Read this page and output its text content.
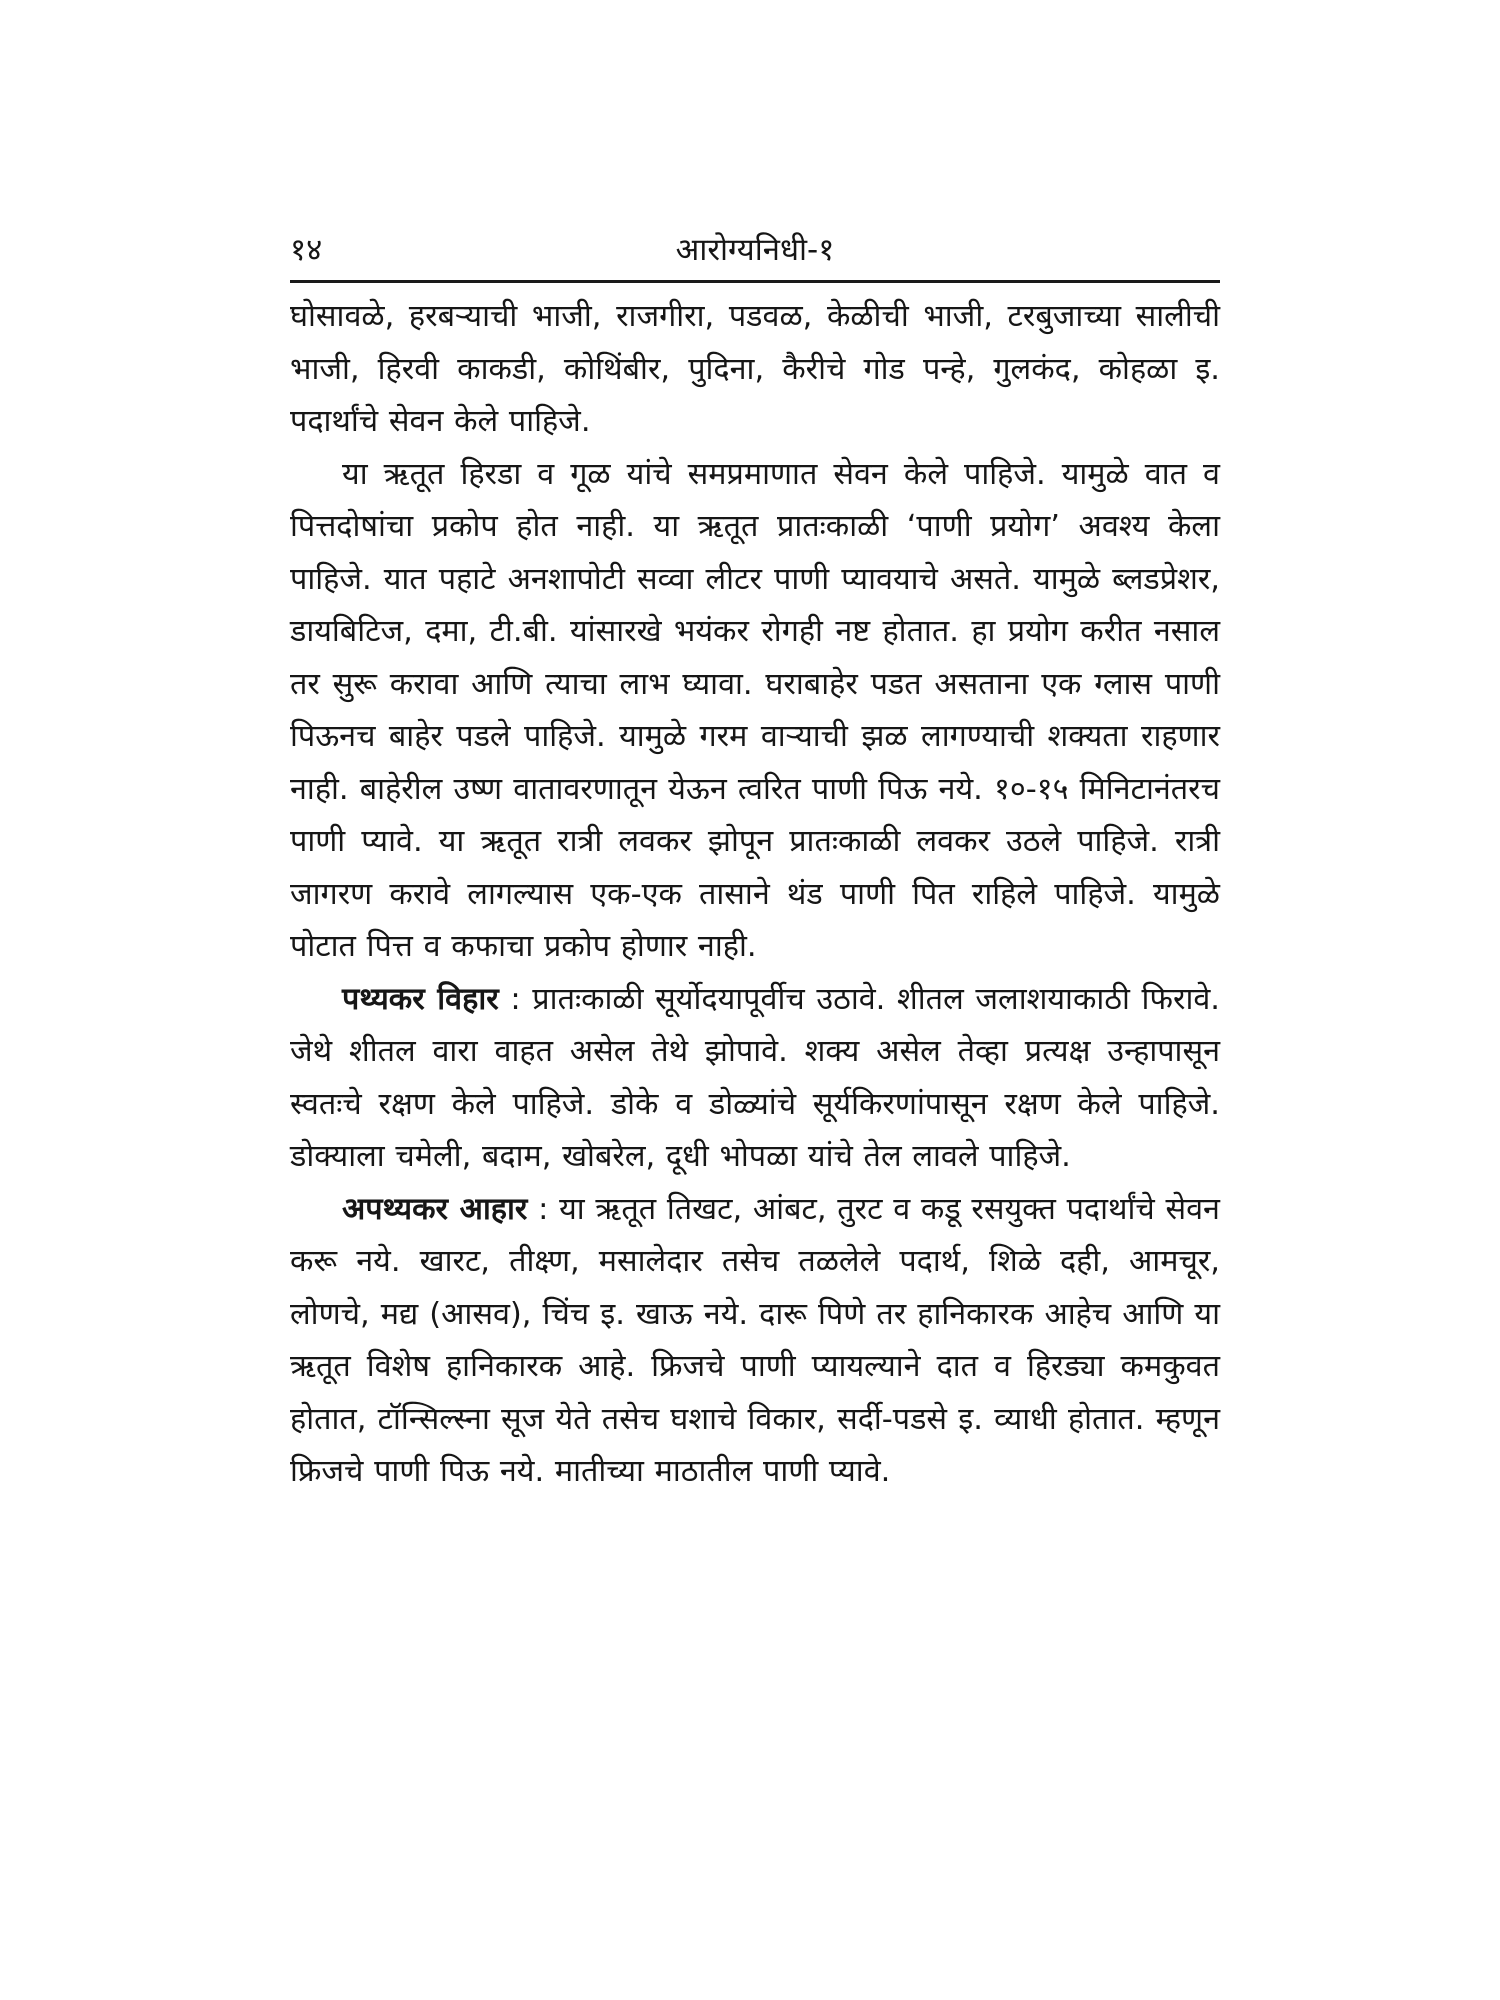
१४	आरोग्यनिधी-१

घोसावळे, हरबऱ्याची भाजी, राजगीरा, पडवळ, केळीची भाजी, टरबुजाच्या सालीची भाजी, हिरवी काकडी, कोथिंबीर, पुदिना, कैरीचे गोड पन्हे, गुलकंद, कोहळा इ. पदार्थांचे सेवन केले पाहिजे.

या ऋतूत हिरडा व गूळ यांचे समप्रमाणात सेवन केले पाहिजे. यामुळे वात व पित्तदोषांचा प्रकोप होत नाही. या ऋतूत प्रातःकाळी ‘पाणी प्रयोग’ अवश्य केला पाहिजे. यात पहाटे अनशापोटी सव्वा लीटर पाणी प्यावयाचे असते. यामुळे ब्लडप्रेशर, डायबिटिज, दमा, टी.बी. यांसारखे भयंकर रोगही नष्ट होतात. हा प्रयोग करीत नसाल तर सुरू करावा आणि त्याचा लाभ घ्यावा. घराबाहेर पडत असताना एक ग्लास पाणी पिऊनच बाहेर पडले पाहिजे. यामुळे गरम वाऱ्याची झळ लागण्याची शक्यता राहणार नाही. बाहेरील उष्ण वातावरणातून येऊन त्वरित पाणी पिऊ नये. १०-१५ मिनिटानंतरच पाणी प्यावे. या ऋतूत रात्री लवकर झोपून प्रातःकाळी लवकर उठले पाहिजे. रात्री जागरण करावे लागल्यास एक-एक तासाने थंड पाणी पित राहिले पाहिजे. यामुळे पोटात पित्त व कफाचा प्रकोप होणार नाही.

पथ्यकर विहार : प्रातःकाळी सूर्योदयापूर्वीच उठावे. शीतल जलाशयाकाठी फिरावे. जेथे शीतल वारा वाहत असेल तेथे झोपावे. शक्य असेल तेव्हा प्रत्यक्ष उन्हापासून स्वतःचे रक्षण केले पाहिजे. डोके व डोळ्यांचे सूर्यकिरणांपासून रक्षण केले पाहिजे. डोक्याला चमेली, बदाम, खोबरेल, दूधी भोपळा यांचे तेल लावले पाहिजे.

अपथ्यकर आहार : या ऋतूत तिखट, आंबट, तुरट व कडू रसयुक्त पदार्थांचे सेवन करू नये. खारट, तीक्ष्ण, मसालेदार तसेच तळलेले पदार्थ, शिळे दही, आमचूर, लोणचे, मद्य (आसव), चिंच इ. खाऊ नये. दारू पिणे तर हानिकारक आहेच आणि या ऋतूत विशेष हानिकारक आहे. फ्रिजचे पाणी प्यायल्याने दात व हिरड्या कमकुवत होतात, टॉन्सिल्स्ना सूज येते तसेच घशाचे विकार, सर्दी-पडसे इ. व्याधी होतात. म्हणून फ्रिजचे पाणी पिऊ नये. मातीच्या माठातील पाणी प्यावे.
